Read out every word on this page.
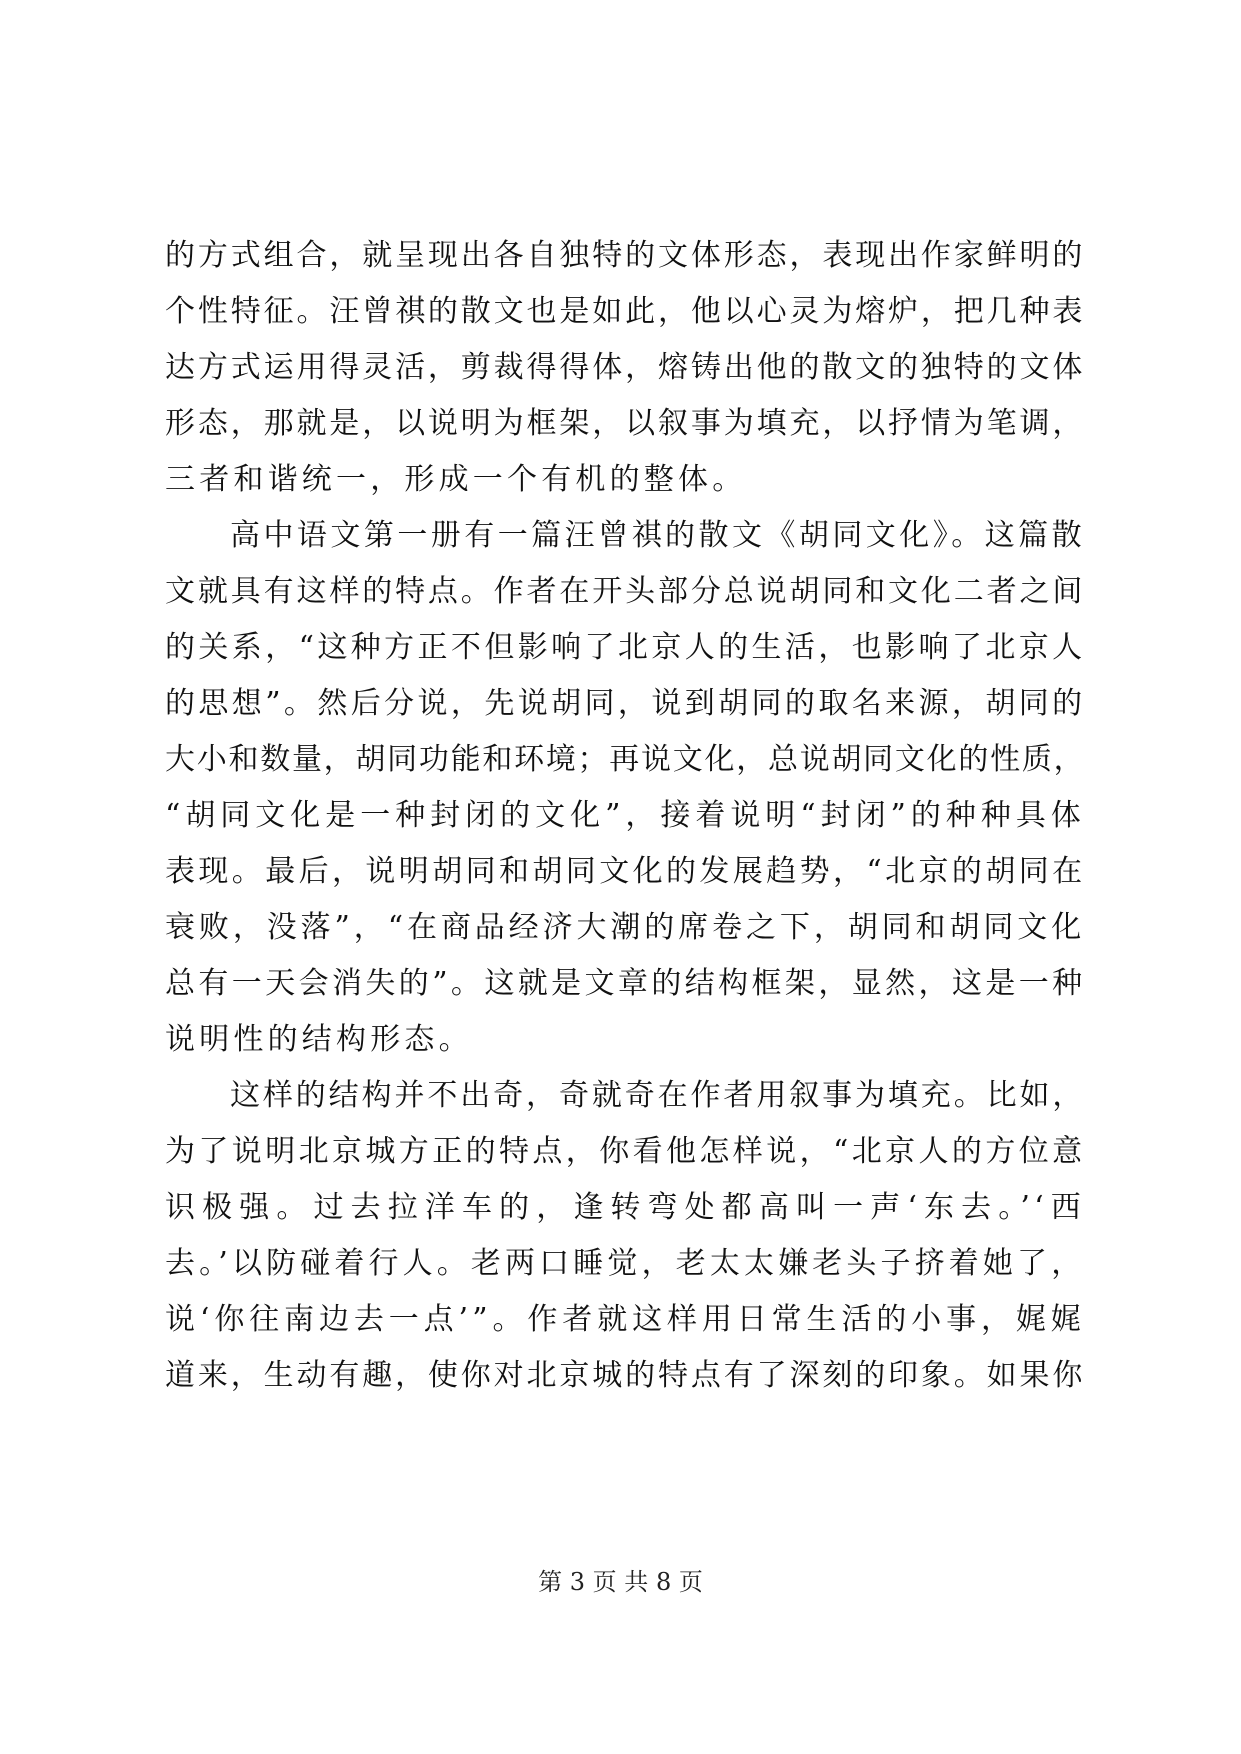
的方式组合，就呈现出各自独特的文体形态，表现出作家鲜明的
个性特征。汪曾祺的散文也是如此，他以心灵为熔炉，把几种表
达方式运用得灵活，剪裁得得体，熔铸出他的散文的独特的文体
形态，那就是，以说明为框架，以叙事为填充，以抒情为笔调，
三者和谐统一，形成一个有机的整体。
高中语文第一册有一篇汪曾祺的散文《胡同文化》。这篇散
文就具有这样的特点。作者在开头部分总说胡同和文化二者之间
的关系，“这种方正不但影响了北京人的生活，也影响了北京人
的思想”。然后分说，先说胡同，说到胡同的取名来源，胡同的
大小和数量，胡同功能和环境；再说文化，总说胡同文化的性质，
“胡同文化是一种封闭的文化”，接着说明“封闭”的种种具体
表现。最后，说明胡同和胡同文化的发展趋势，“北京的胡同在
衰败，没落”，“在商品经济大潮的席卷之下，胡同和胡同文化
总有一天会消失的”。这就是文章的结构框架，显然，这是一种
说明性的结构形态。
这样的结构并不出奇，奇就奇在作者用叙事为填充。比如，
为了说明北京城方正的特点，你看他怎样说，“北京人的方位意
识极强。过去拉洋车的，逢转弯处都高叫一声‘东去。’‘西
去。’以防碰着行人。老两口睡觉，老太太嫌老头子挤着她了，
说‘你往南边去一点’”。作者就这样用日常生活的小事，娓娓
道来，生动有趣，使你对北京城的特点有了深刻的印象。如果你
第 3 页 共 8 页
